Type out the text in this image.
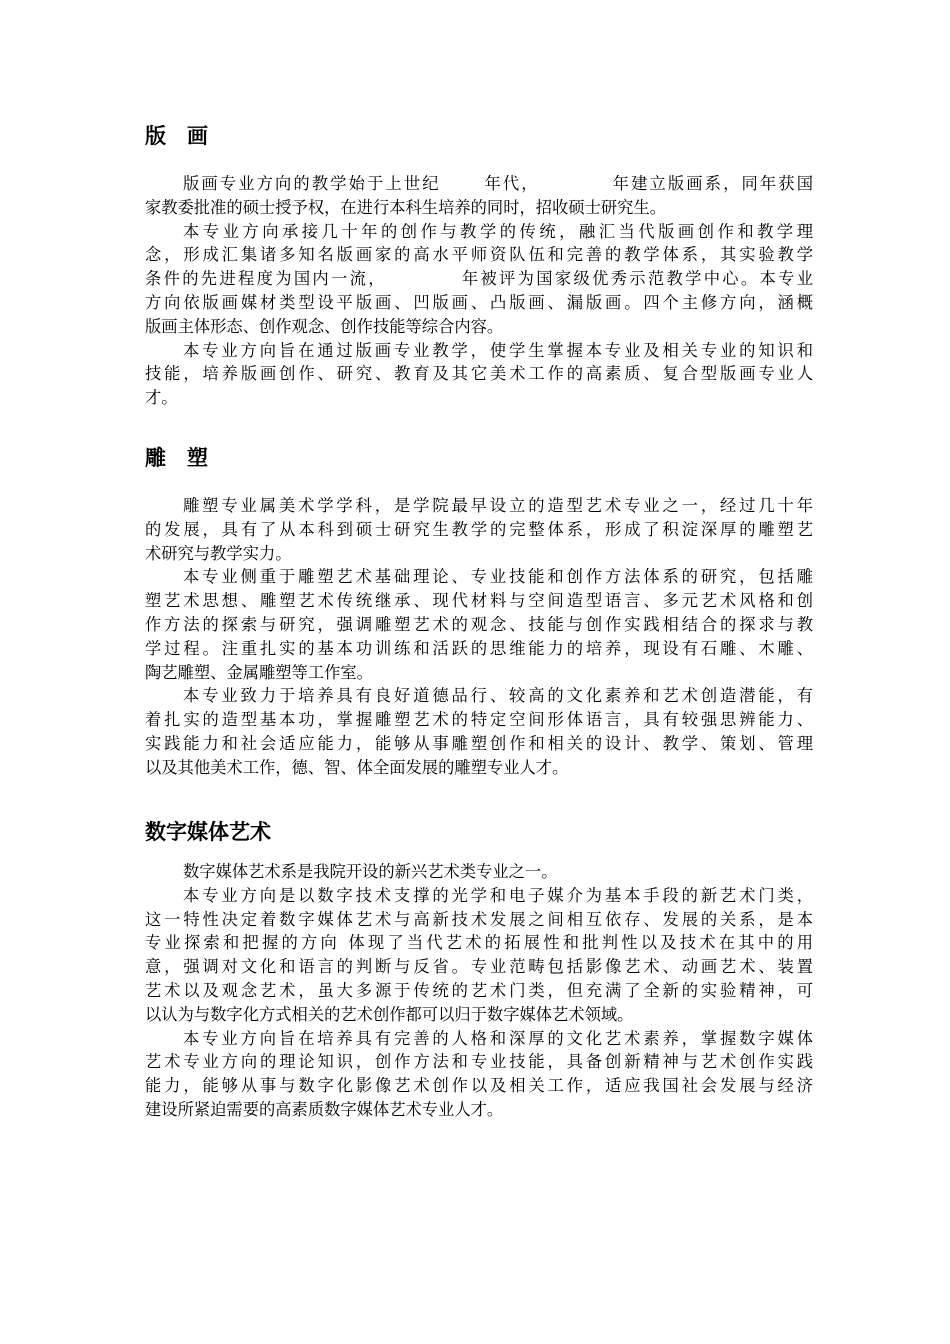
版　画
版画专业方向的教学始于上世纪      年代，          年建立版画系，同年获国
家教委批准的硕士授予权，在进行本科生培养的同时，招收硕士研究生。
本专业方向承接几十年的创作与教学的传统，融汇当代版画创作和教学理
念，形成汇集诸多知名版画家的高水平师资队伍和完善的教学体系，其实验教学
条件的先进程度为国内一流，          年被评为国家级优秀示范教学中心。本专业
方向依版画媒材类型设平版画、凹版画、凸版画、漏版画。四个主修方向，涵概
版画主体形态、创作观念、创作技能等综合内容。
本专业方向旨在通过版画专业教学，使学生掌握本专业及相关专业的知识和
技能，培养版画创作、研究、教育及其它美术工作的高素质、复合型版画专业人
才。
雕　塑
雕塑专业属美术学学科，是学院最早设立的造型艺术专业之一，经过几十年
的发展，具有了从本科到硕士研究生教学的完整体系，形成了积淀深厚的雕塑艺
术研究与教学实力。
本专业侧重于雕塑艺术基础理论、专业技能和创作方法体系的研究，包括雕
塑艺术思想、雕塑艺术传统继承、现代材料与空间造型语言、多元艺术风格和创
作方法的探索与研究，强调雕塑艺术的观念、技能与创作实践相结合的探求与教
学过程。注重扎实的基本功训练和活跃的思维能力的培养，现设有石雕、木雕、
陶艺雕塑、金属雕塑等工作室。
本专业致力于培养具有良好道德品行、较高的文化素养和艺术创造潜能，有
着扎实的造型基本功，掌握雕塑艺术的特定空间形体语言，具有较强思辨能力、
实践能力和社会适应能力，能够从事雕塑创作和相关的设计、教学、策划、管理
以及其他美术工作，德、智、体全面发展的雕塑专业人才。
数字媒体艺术
数字媒体艺术系是我院开设的新兴艺术类专业之一。
本专业方向是以数字技术支撑的光学和电子媒介为基本手段的新艺术门类，
这一特性决定着数字媒体艺术与高新技术发展之间相互依存、发展的关系，是本
专业探索和把握的方向 体现了当代艺术的拓展性和批判性以及技术在其中的用
意，强调对文化和语言的判断与反省。专业范畴包括影像艺术、动画艺术、装置
艺术以及观念艺术，虽大多源于传统的艺术门类，但充满了全新的实验精神，可
以认为与数字化方式相关的艺术创作都可以归于数字媒体艺术领域。
本专业方向旨在培养具有完善的人格和深厚的文化艺术素养，掌握数字媒体
艺术专业方向的理论知识，创作方法和专业技能，具备创新精神与艺术创作实践
能力，能够从事与数字化影像艺术创作以及相关工作，适应我国社会发展与经济
建设所紧迫需要的高素质数字媒体艺术专业人才。
